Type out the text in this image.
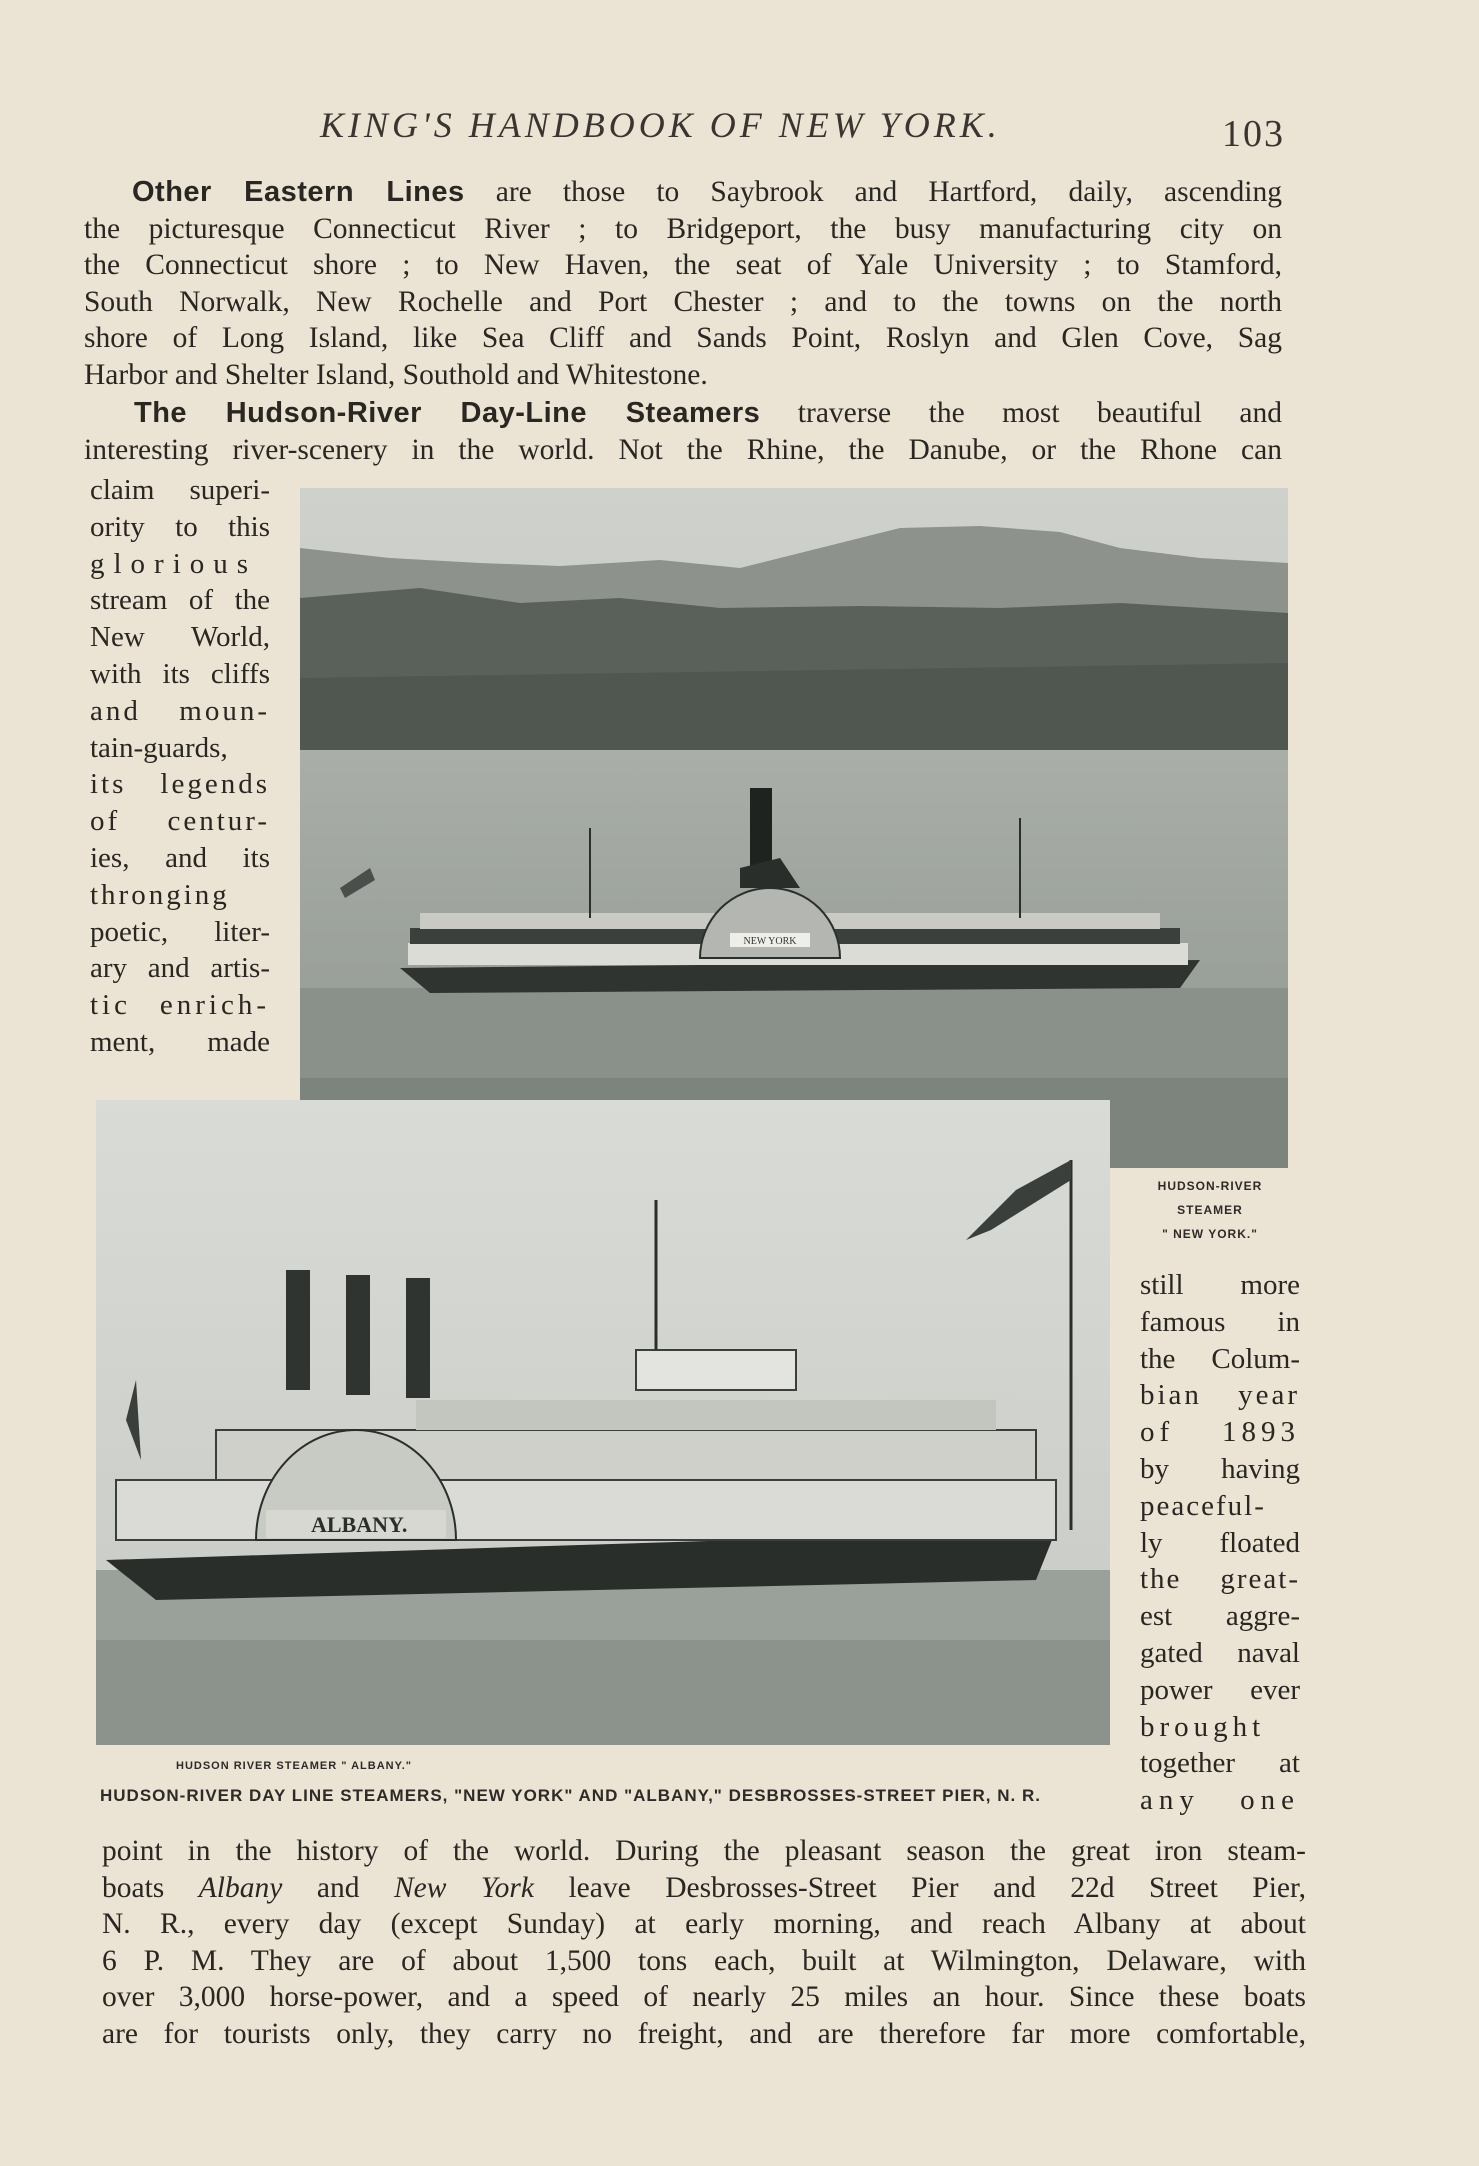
KING'S HANDBOOK OF NEW YORK.	103
Other Eastern Lines are those to Saybrook and Hartford, daily, ascending
the picturesque Connecticut River ; to Bridgeport, the busy manufacturing city on
the Connecticut shore ; to New Haven, the seat of Yale University ; to Stamford,
South Norwalk, New Rochelle and Port Chester ; and to the towns on the north
shore of Long Island, like Sea Cliff and Sands Point, Roslyn and Glen Cove, Sag
Harbor and Shelter Island, Southold and Whitestone.
The Hudson-River Day-Line Steamers traverse the most beautiful and
interesting river-scenery in the world. Not the Rhine, the Danube, or the Rhone can
claim superi-
ority to this
glorious
stream of the
New World,
with its cliffs
and moun-
tain-guards,
its legends
of centur-
ies, and its
thronging
poetic, liter-
ary and artis-
tic enrich-
ment, made
NEW YORK
ALBANY.
HUDSON-RIVER
STEAMER
" NEW YORK."
still more
famous in
the Colum-
bian year
of 1893
by having
peaceful-
ly floated
the great-
est aggre-
gated naval
power ever
brought
together at
any one
HUDSON RIVER STEAMER " ALBANY."
HUDSON-RIVER DAY LINE STEAMERS, "NEW YORK" AND "ALBANY," DESBROSSES-STREET PIER, N. R.
point in the history of the world. During the pleasant season the great iron steam-
boats Albany and New York leave Desbrosses-Street Pier and 22d Street Pier,
N. R., every day (except Sunday) at early morning, and reach Albany at about
6 P. M. They are of about 1,500 tons each, built at Wilmington, Delaware, with
over 3,000 horse-power, and a speed of nearly 25 miles an hour. Since these boats
are for tourists only, they carry no freight, and are therefore far more comfortable,
